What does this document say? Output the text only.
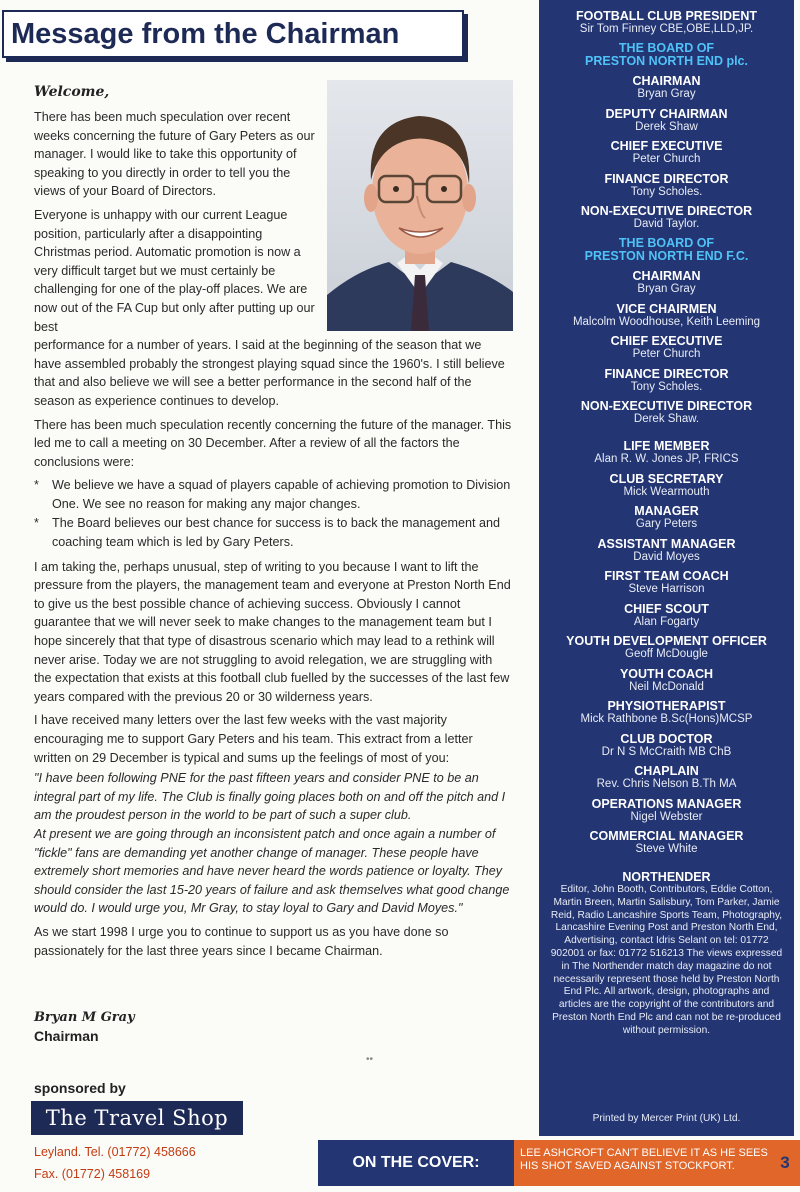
Message from the Chairman
Welcome,

There has been much speculation over recent weeks concerning the future of Gary Peters as our manager. I would like to take this opportunity of speaking to you directly in order to tell you the views of your Board of Directors.

Everyone is unhappy with our current League position, particularly after a disappointing Christmas period. Automatic promotion is now a very difficult target but we must certainly be challenging for one of the play-off places. We are now out of the FA Cup but only after putting up our best

performance for a number of years. I said at the beginning of the season that we have assembled probably the strongest playing squad since the 1960's. I still believe that and also believe we will see a better performance in the second half of the season as experience continues to develop.

There has been much speculation recently concerning the future of the manager. This led me to call a meeting on 30 December. After a review of all the factors the conclusions were:

* We believe we have a squad of players capable of achieving promotion to Division One. We see no reason for making any major changes.
* The Board believes our best chance for success is to back the management and coaching team which is led by Gary Peters.

I am taking the, perhaps unusual, step of writing to you because I want to lift the pressure from the players, the management team and everyone at Preston North End to give us the best possible chance of achieving success. Obviously I cannot guarantee that we will never seek to make changes to the management team but I hope sincerely that that type of disastrous scenario which may lead to a rethink will never arise. Today we are not struggling to avoid relegation, we are struggling with the expectation that exists at this football club fuelled by the successes of the last few years compared with the previous 20 or 30 wilderness years.

I have received many letters over the last few weeks with the vast majority encouraging me to support Gary Peters and his team. This extract from a letter written on 29 December is typical and sums up the feelings of most of you:

"I have been following PNE for the past fifteen years and consider PNE to be an integral part of my life. The Club is finally going places both on and off the pitch and I am the proudest person in the world to be part of such a super club.

At present we are going through an inconsistent patch and once again a number of "fickle" fans are demanding yet another change of manager. These people have extremely short memories and have never heard the words patience or loyalty. They should consider the last 15-20 years of failure and ask themselves what good change would do. I would urge you, Mr Gray, to stay loyal to Gary and David Moyes."

As we start 1998 I urge you to continue to support us as you have done so passionately for the last three years since I became Chairman.

Bryan M Gray
Chairman
••
sponsored by
The Travel Shop
Leyland. Tel. (01772) 458666
Fax. (01772) 458169
FOOTBALL CLUB PRESIDENT
Sir Tom Finney CBE,OBE,LLD,JP.
THE BOARD OF
PRESTON NORTH END plc.
CHAIRMAN
Bryan Gray
DEPUTY CHAIRMAN
Derek Shaw
CHIEF EXECUTIVE
Peter Church
FINANCE DIRECTOR
Tony Scholes.
NON-EXECUTIVE DIRECTOR
David Taylor.
THE BOARD OF
PRESTON NORTH END F.C.
CHAIRMAN
Bryan Gray
VICE CHAIRMEN
Malcolm Woodhouse, Keith Leeming
CHIEF EXECUTIVE
Peter Church
FINANCE DIRECTOR
Tony Scholes.
NON-EXECUTIVE DIRECTOR
Derek Shaw.
LIFE MEMBER
Alan R. W. Jones JP, FRICS
CLUB SECRETARY
Mick Wearmouth
MANAGER
Gary Peters
ASSISTANT MANAGER
David Moyes
FIRST TEAM COACH
Steve Harrison
CHIEF SCOUT
Alan Fogarty
YOUTH DEVELOPMENT OFFICER
Geoff McDougle
YOUTH COACH
Neil McDonald
PHYSIOTHERAPIST
Mick Rathbone B.Sc(Hons)MCSP
CLUB DOCTOR
Dr N S McCraith MB ChB
CHAPLAIN
Rev. Chris Nelson B.Th MA
OPERATIONS MANAGER
Nigel Webster
COMMERCIAL MANAGER
Steve White
NORTHENDER
Editor, John Booth, Contributors, Eddie Cotton, Martin Breen, Martin Salisbury, Tom Parker, Jamie Reid, Radio Lancashire Sports Team, Photography, Lancashire Evening Post and Preston North End, Advertising, contact Idris Selant on tel: 01772 902001 or fax: 01772 516213 The views expressed in The Northender match day magazine do not necessarily represent those held by Preston North End Plc. All artwork, design, photographs and articles are the copyright of the contributors and Preston North End Plc and can not be re-produced without permission.
Printed by Mercer Print (UK) Ltd.
ON THE COVER:
LEE ASHCROFT CAN'T BELIEVE IT AS HE SEES HIS SHOT SAVED AGAINST STOCKPORT.	3
